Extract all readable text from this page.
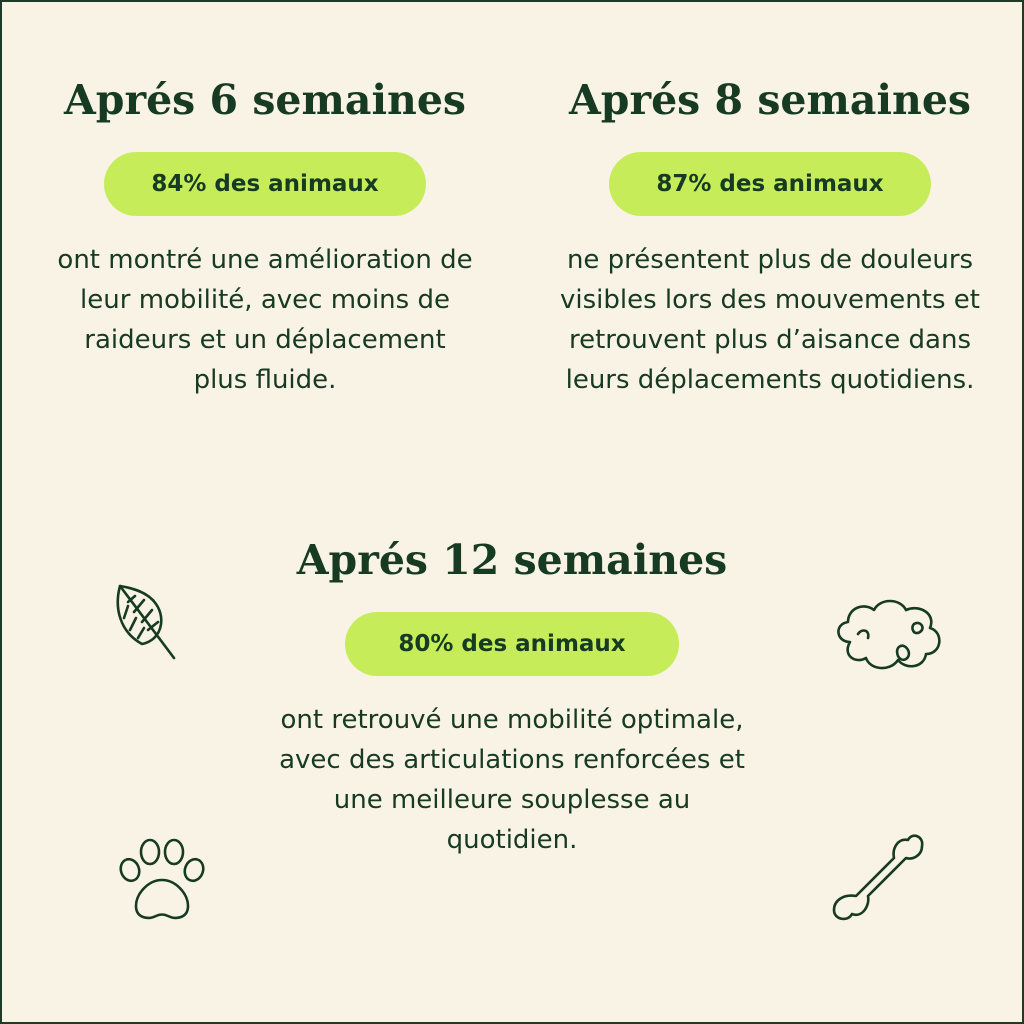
Aprés 6 semaines
84% des animaux

ont montré une amélioration de leur mobilité, avec moins de raideurs et un déplacement plus fluide.

Aprés 8 semaines
87% des animaux

ne présentent plus de douleurs visibles lors des mouvements et retrouvent plus d’aisance dans leurs déplacements quotidiens.

Aprés 12 semaines
80% des animaux

ont retrouvé une mobilité optimale, avec des articulations renforcées et une meilleure souplesse au quotidien.
